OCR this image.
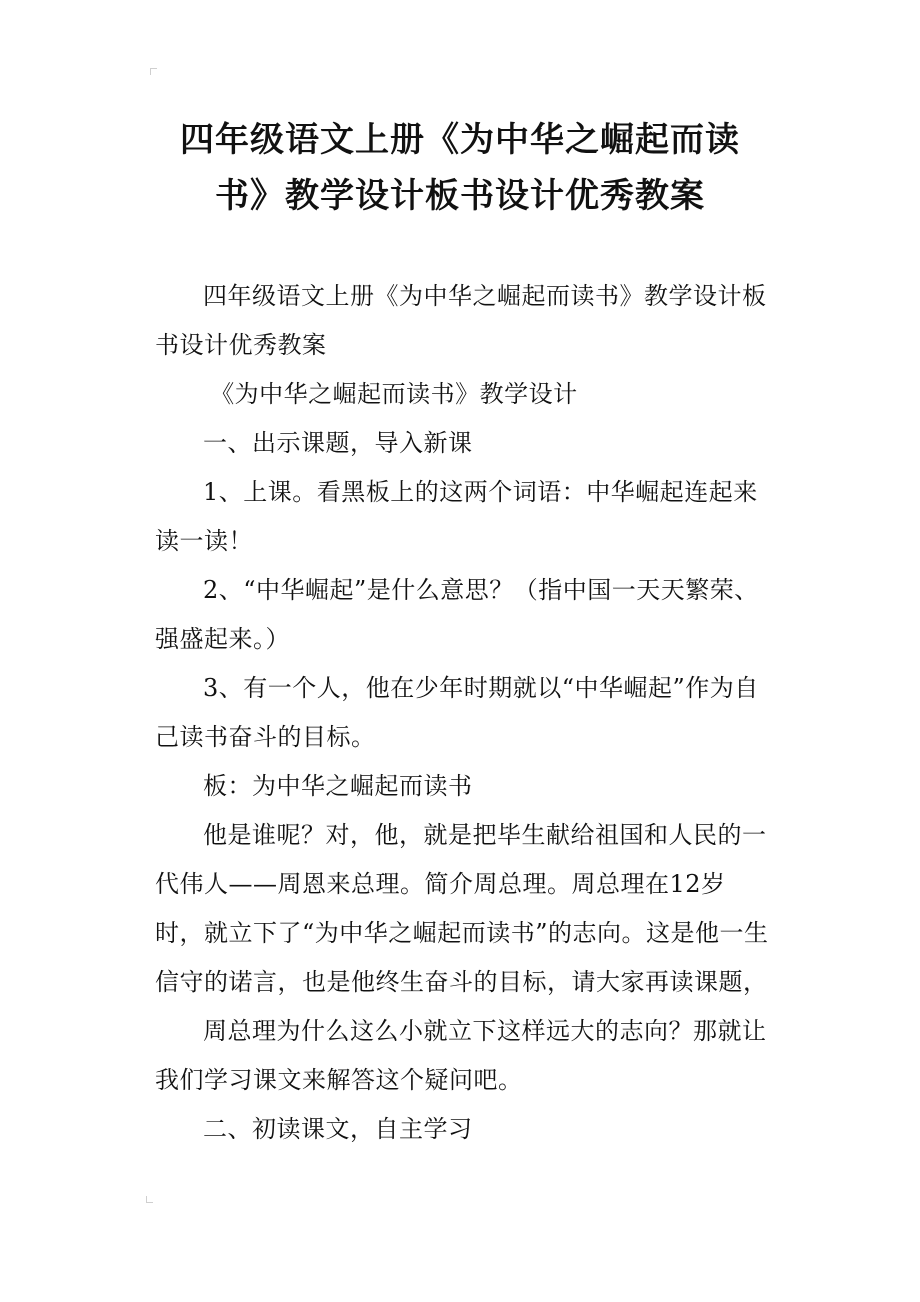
四年级语文上册《为中华之崛起而读
书》教学设计板书设计优秀教案

四年级语文上册《为中华之崛起而读书》教学设计板书设计优秀教案

《为中华之崛起而读书》教学设计

一、出示课题，导入新课

1、上课。看黑板上的这两个词语：中华崛起连起来读一读！

2、“中华崛起”是什么意思？（指中国一天天繁荣、强盛起来。）

3、有一个人，他在少年时期就以“中华崛起”作为自己读书奋斗的目标。

板：为中华之崛起而读书

他是谁呢？对，他，就是把毕生献给祖国和人民的一代伟人——周恩来总理。简介周总理。周总理在12岁时，就立下了“为中华之崛起而读书”的志向。这是他一生信守的诺言，也是他终生奋斗的目标，请大家再读课题，

周总理为什么这么小就立下这样远大的志向？那就让我们学习课文来解答这个疑问吧。

二、初读课文，自主学习
